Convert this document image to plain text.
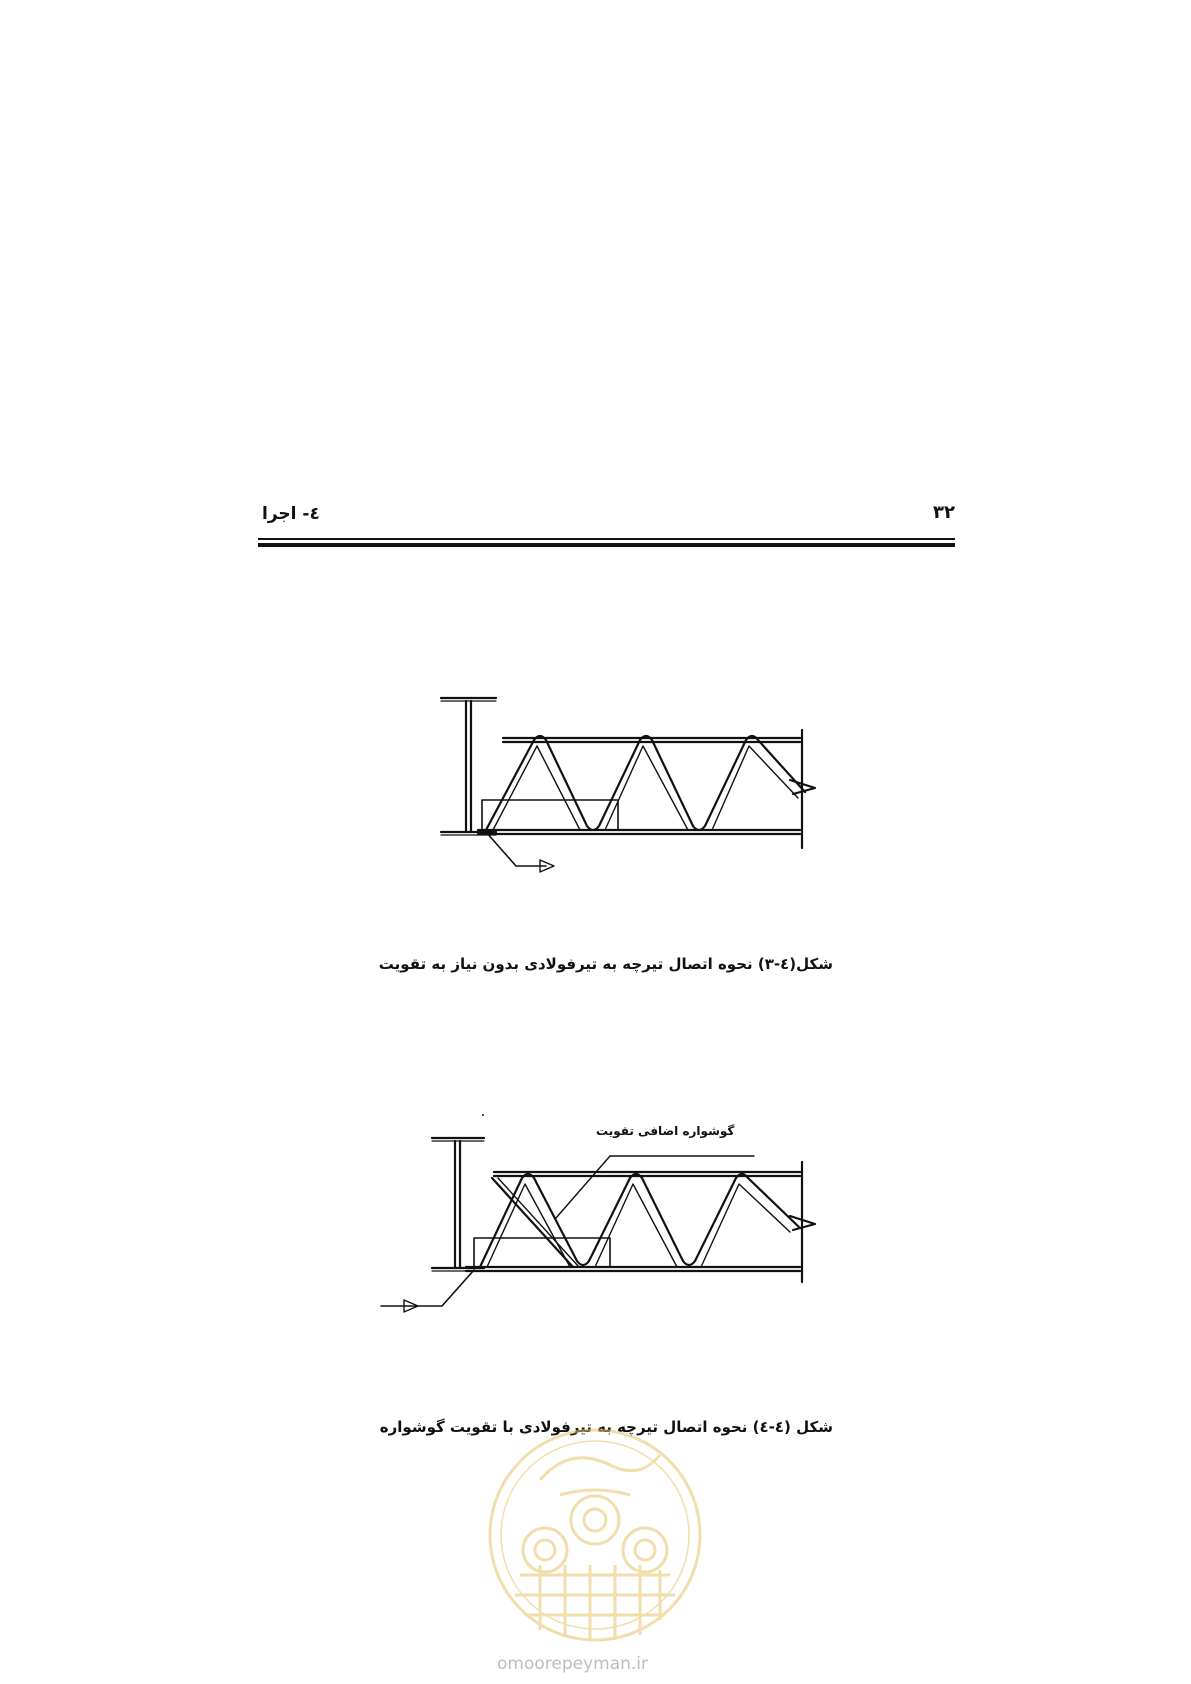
٤- اجرا	٣٢
شکل(٤-٣) نحوه اتصال تیرچه به تیرفولادی بدون نیاز به تقویت
گوشواره اضافی تقویت
شکل (٤-٤) نحوه اتصال تیرچه به تیرفولادی با تقویت گوشواره
omoorepeyman.ir
